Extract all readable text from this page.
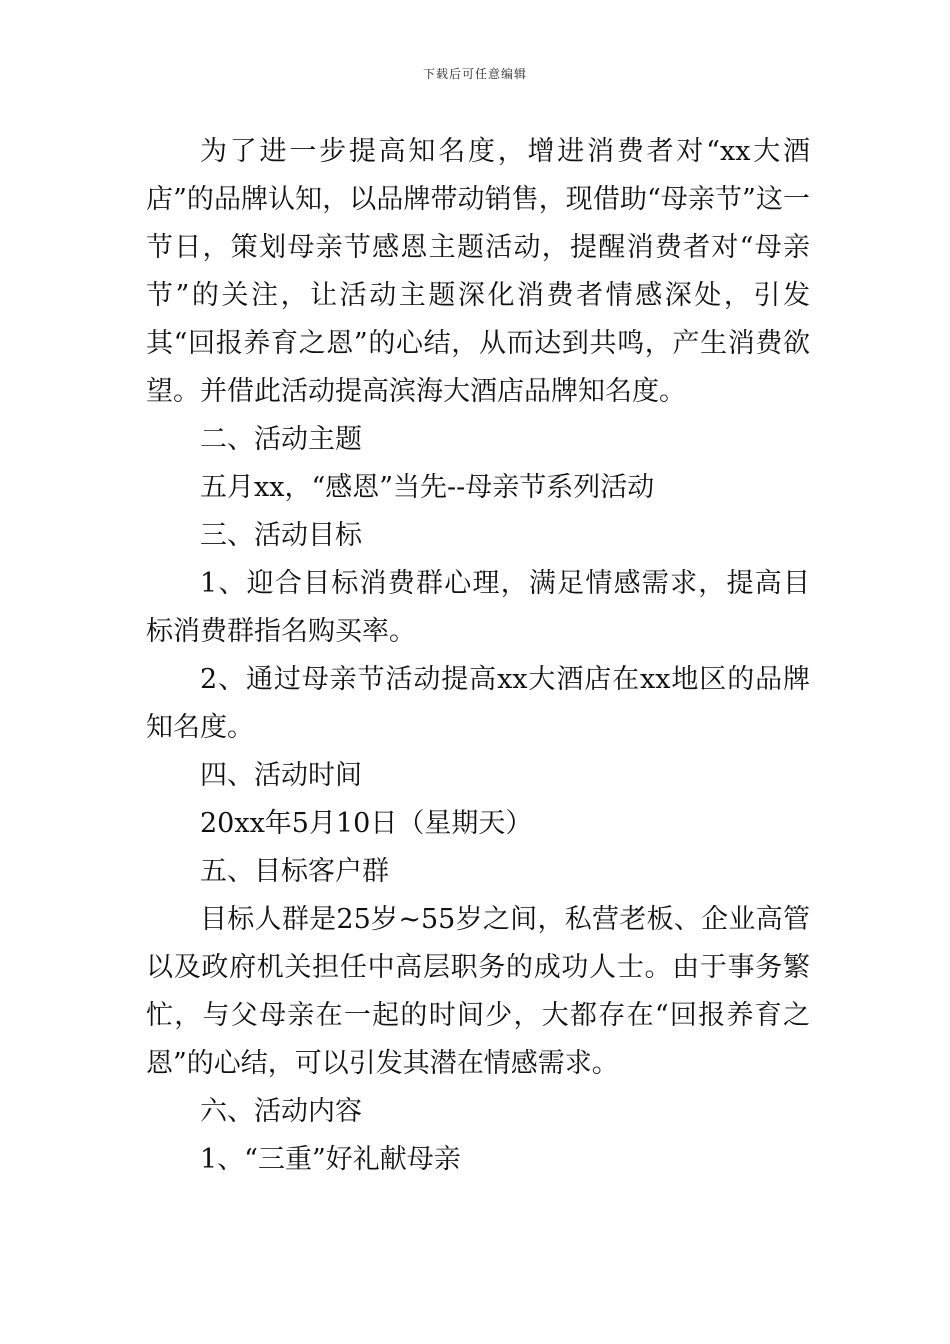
下载后可任意编辑

为了进一步提高知名度，增进消费者对“xx大酒店”的品牌认知，以品牌带动销售，现借助“母亲节”这一节日，策划母亲节感恩主题活动，提醒消费者对“母亲节”的关注，让活动主题深化消费者情感深处，引发其“回报养育之恩”的心结，从而达到共鸣，产生消费欲望。并借此活动提高滨海大酒店品牌知名度。

二、活动主题

五月xx，“感恩”当先--母亲节系列活动

三、活动目标

1、迎合目标消费群心理，满足情感需求，提高目标消费群指名购买率。

2、通过母亲节活动提高xx大酒店在xx地区的品牌知名度。

四、活动时间

20xx年5月10日（星期天）

五、目标客户群

目标人群是25岁~55岁之间，私营老板、企业高管以及政府机关担任中高层职务的成功人士。由于事务繁忙，与父母亲在一起的时间少，大都存在“回报养育之恩”的心结，可以引发其潜在情感需求。

六、活动内容

1、“三重”好礼献母亲
